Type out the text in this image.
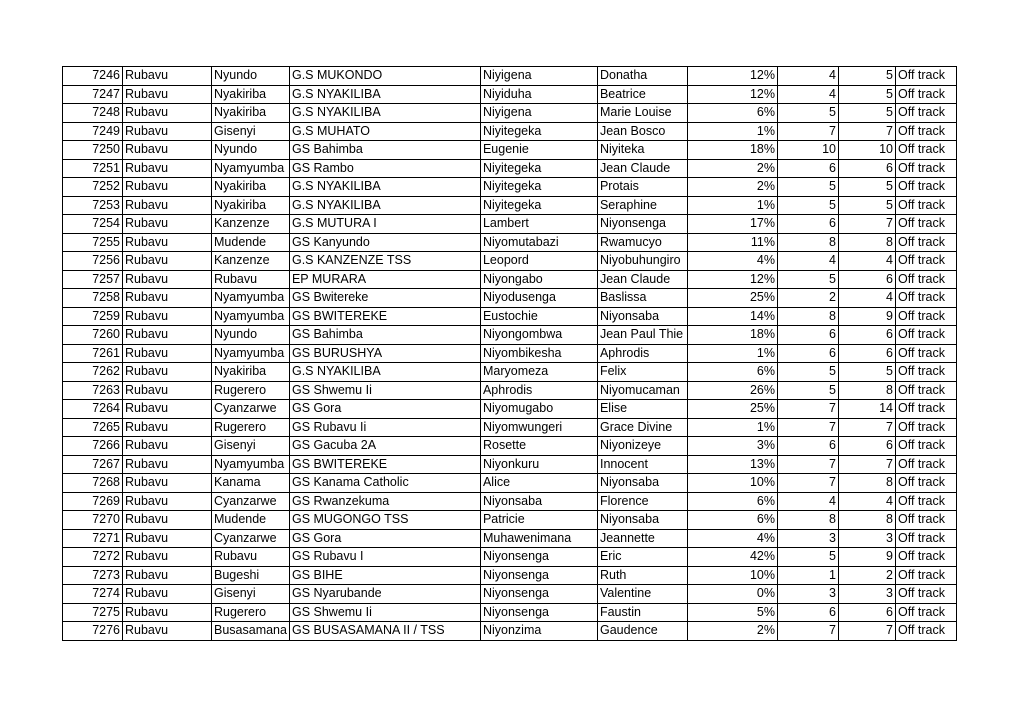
7246	Rubavu	Nyundo	G.S MUKONDO	Niyigena	Donatha	12%	4	5	Off track
7247	Rubavu	Nyakiriba	G.S NYAKILIBA	Niyiduha	Beatrice	12%	4	5	Off track
7248	Rubavu	Nyakiriba	G.S NYAKILIBA	Niyigena	Marie Louise	6%	5	5	Off track
7249	Rubavu	Gisenyi	G.S MUHATO	Niyitegeka	Jean Bosco	1%	7	7	Off track
7250	Rubavu	Nyundo	GS Bahimba	Eugenie	Niyiteka	18%	10	10	Off track
7251	Rubavu	Nyamyumba	GS Rambo	Niyitegeka	Jean Claude	2%	6	6	Off track
7252	Rubavu	Nyakiriba	G.S NYAKILIBA	Niyitegeka	Protais	2%	5	5	Off track
7253	Rubavu	Nyakiriba	G.S NYAKILIBA	Niyitegeka	Seraphine	1%	5	5	Off track
7254	Rubavu	Kanzenze	G.S MUTURA I	Lambert	Niyonsenga	17%	6	7	Off track
7255	Rubavu	Mudende	GS Kanyundo	Niyomutabazi	Rwamucyo	11%	8	8	Off track
7256	Rubavu	Kanzenze	G.S KANZENZE TSS	Leopord	Niyobuhungiro	4%	4	4	Off track
7257	Rubavu	Rubavu	EP MURARA	Niyongabo	Jean Claude	12%	5	6	Off track
7258	Rubavu	Nyamyumba	GS Bwitereke	Niyodusenga	Baslissa	25%	2	4	Off track
7259	Rubavu	Nyamyumba	GS BWITEREKE	Eustochie	Niyonsaba	14%	8	9	Off track
7260	Rubavu	Nyundo	GS Bahimba	Niyongombwa	Jean Paul Thie	18%	6	6	Off track
7261	Rubavu	Nyamyumba	GS BURUSHYA	Niyombikesha	Aphrodis	1%	6	6	Off track
7262	Rubavu	Nyakiriba	G.S NYAKILIBA	Maryomeza	Felix	6%	5	5	Off track
7263	Rubavu	Rugerero	GS Shwemu Ii	Aphrodis	Niyomucaman	26%	5	8	Off track
7264	Rubavu	Cyanzarwe	GS Gora	Niyomugabo	Elise	25%	7	14	Off track
7265	Rubavu	Rugerero	GS Rubavu Ii	Niyomwungeri	Grace Divine	1%	7	7	Off track
7266	Rubavu	Gisenyi	GS Gacuba 2A	Rosette	Niyonizeye	3%	6	6	Off track
7267	Rubavu	Nyamyumba	GS BWITEREKE	Niyonkuru	Innocent	13%	7	7	Off track
7268	Rubavu	Kanama	GS Kanama Catholic	Alice	Niyonsaba	10%	7	8	Off track
7269	Rubavu	Cyanzarwe	GS Rwanzekuma	Niyonsaba	Florence	6%	4	4	Off track
7270	Rubavu	Mudende	GS MUGONGO TSS	Patricie	Niyonsaba	6%	8	8	Off track
7271	Rubavu	Cyanzarwe	GS Gora	Muhawenimana	Jeannette	4%	3	3	Off track
7272	Rubavu	Rubavu	GS Rubavu I	Niyonsenga	Eric	42%	5	9	Off track
7273	Rubavu	Bugeshi	GS BIHE	Niyonsenga	Ruth	10%	1	2	Off track
7274	Rubavu	Gisenyi	GS Nyarubande	Niyonsenga	Valentine	0%	3	3	Off track
7275	Rubavu	Rugerero	GS Shwemu Ii	Niyonsenga	Faustin	5%	6	6	Off track
7276	Rubavu	Busasamana	GS BUSASAMANA II / TSS	Niyonzima	Gaudence	2%	7	7	Off track
